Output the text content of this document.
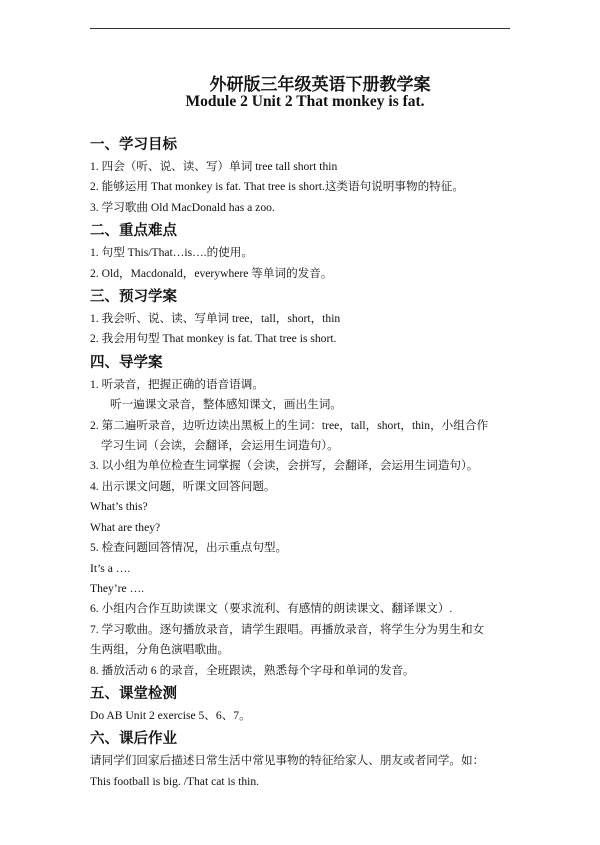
外研版三年级英语下册教学案
Module 2 Unit 2 That monkey is fat.
一、学习目标
1. 四会（听、说、读、写）单词 tree tall short thin
2. 能够运用 That monkey is fat. That tree is short.这类语句说明事物的特征。
3. 学习歌曲 Old MacDonald has a zoo.
二、重点难点
1. 句型 This/That…is….的使用。
2. Old，Macdonald，everywhere 等单词的发音。
三、预习学案
1. 我会听、说、读、写单词 tree，tall，short，thin
2. 我会用句型 That monkey is fat. That tree is short.
四、导学案
1. 听录音，把握正确的语音语调。
听一遍课文录音，整体感知课文，画出生词。
2. 第二遍听录音，边听边读出黑板上的生词：tree，tall，short，thin，小组合作
学习生词（会读，会翻译，会运用生词造句）。
3. 以小组为单位检查生词掌握（会读，会拼写，会翻译，会运用生词造句）。
4. 出示课文问题，听课文回答问题。
What’s this?
What are they?
5. 检查问题回答情况，出示重点句型。
It’s a ….
They’re ….
6. 小组内合作互助读课文（要求流利、有感情的朗读课文、翻译课文）.
7. 学习歌曲。逐句播放录音，请学生跟唱。再播放录音，将学生分为男生和女
生两组，分角色演唱歌曲。
8. 播放活动 6 的录音，全班跟读，熟悉每个字母和单词的发音。
五、课堂检测
Do AB Unit 2 exercise 5、6、7。
六、课后作业
请同学们回家后描述日常生活中常见事物的特征给家人、朋友或者同学。如：
This football is big. /That cat is thin.
